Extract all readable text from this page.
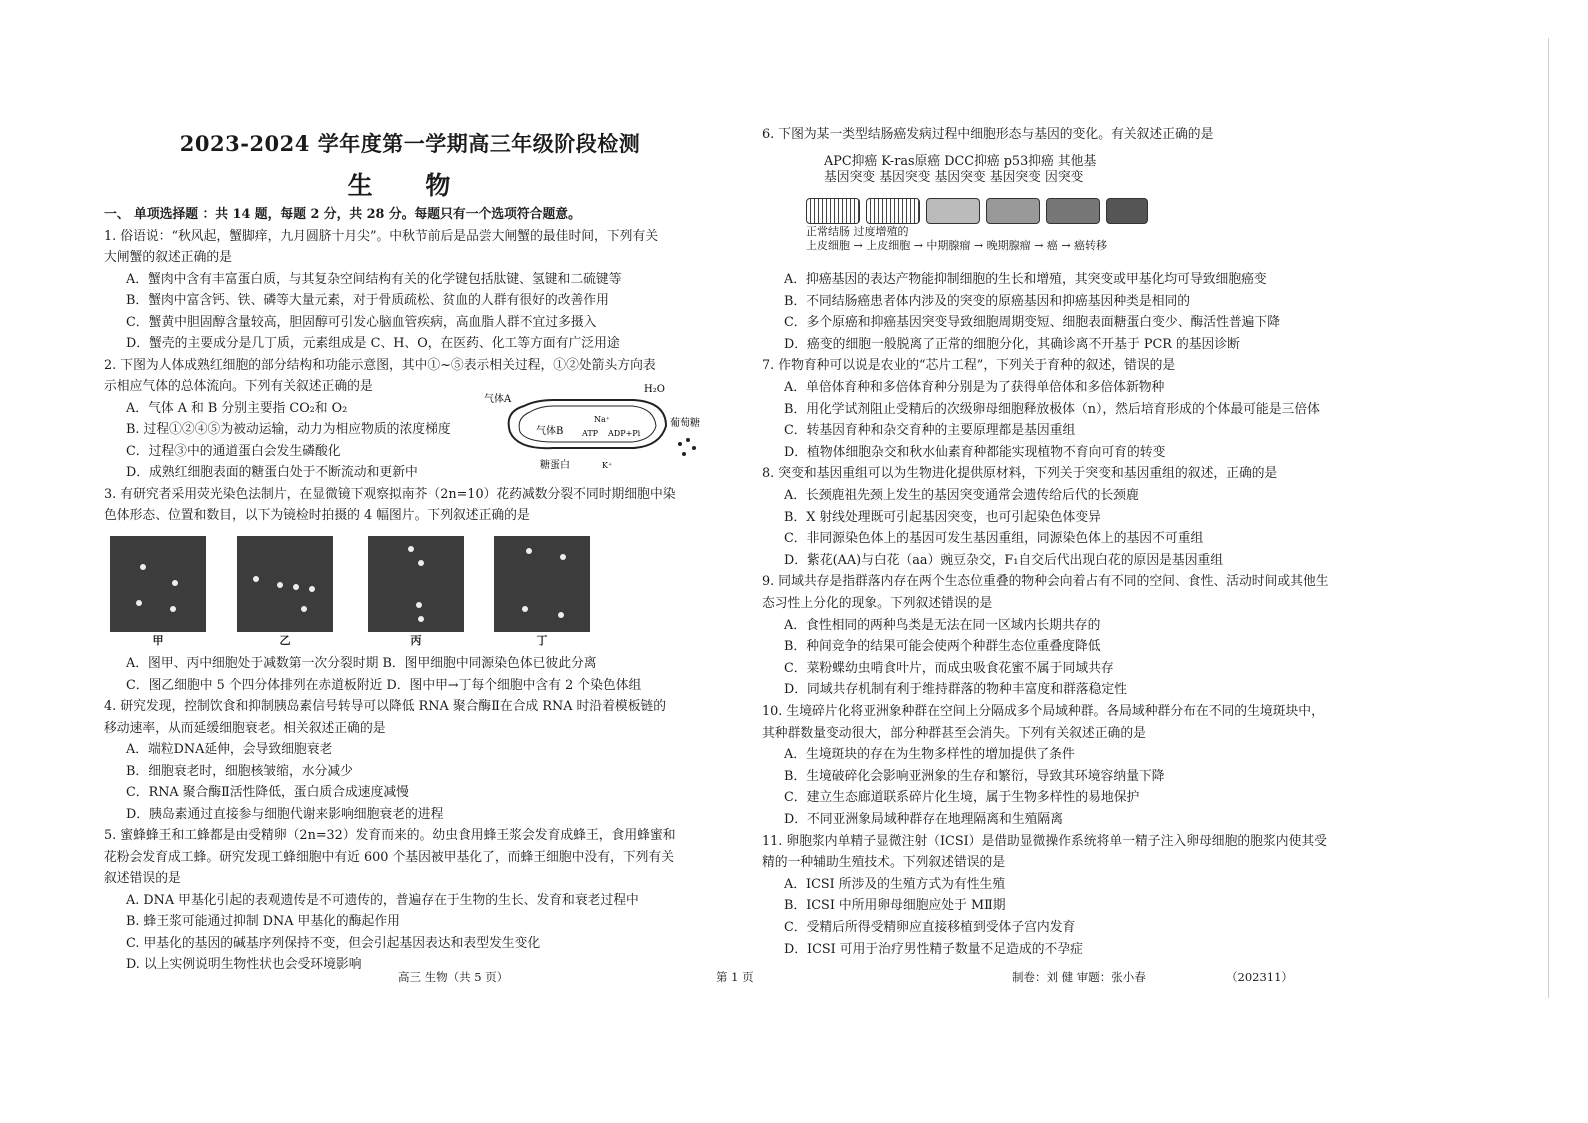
2023-2024 学年度第一学期高三年级阶段检测
生 物
一、 单项选择题 ：共 14 题，每题 2 分，共 28 分。每题只有一个选项符合题意。
1. 俗语说：“秋风起，蟹脚痒，九月圆脐十月尖”。中秋节前后是品尝大闸蟹的最佳时间，下列有关
大闸蟹的叙述正确的是
A．蟹肉中含有丰富蛋白质，与其复杂空间结构有关的化学键包括肽键、氢键和二硫键等
B．蟹肉中富含钙、铁、磷等大量元素，对于骨质疏松、贫血的人群有很好的改善作用
C．蟹黄中胆固醇含量较高，胆固醇可引发心脑血管疾病，高血脂人群不宜过多摄入
D．蟹壳的主要成分是几丁质，元素组成是 C、H、O，在医药、化工等方面有广泛用途
2. 下图为人体成熟红细胞的部分结构和功能示意图，其中①~⑤表示相关过程，①②处箭头方向表
示相应气体的总体流向。下列有关叙述正确的是
A．气体 A 和 B 分别主要指 CO₂和 O₂
B. 过程①②④⑤为被动运输，动力为相应物质的浓度梯度
C．过程③中的通道蛋白会发生磷酸化
D．成熟红细胞表面的糖蛋白处于不断流动和更新中
3. 有研究者采用荧光染色法制片，在显微镜下观察拟南芥（2n=10）花药减数分裂不同时期细胞中染
色体形态、位置和数目，以下为镜检时拍摄的 4 幅图片。下列叙述正确的是
A．图甲、丙中细胞处于减数第一次分裂时期 B．图甲细胞中同源染色体已彼此分离
C．图乙细胞中 5 个四分体排列在赤道板附近 D．图中甲→丁每个细胞中含有 2 个染色体组
4. 研究发现，控制饮食和抑制胰岛素信号转导可以降低 RNA 聚合酶Ⅱ在合成 RNA 时沿着模板链的
移动速率，从而延缓细胞衰老。相关叙述正确的是
A．端粒DNA延伸，会导致细胞衰老
B．细胞衰老时，细胞核皱缩，水分减少
C．RNA 聚合酶Ⅱ活性降低，蛋白质合成速度减慢
D．胰岛素通过直接参与细胞代谢来影响细胞衰老的进程
5. 蜜蜂蜂王和工蜂都是由受精卵（2n=32）发育而来的。幼虫食用蜂王浆会发育成蜂王，食用蜂蜜和
花粉会发育成工蜂。研究发现工蜂细胞中有近 600 个基因被甲基化了，而蜂王细胞中没有，下列有关
叙述错误的是
A. DNA 甲基化引起的表观遗传是不可遗传的，普遍存在于生物的生长、发育和衰老过程中
B. 蜂王浆可能通过抑制 DNA 甲基化的酶起作用
C. 甲基化的基因的碱基序列保持不变，但会引起基因表达和表型发生变化
D. 以上实例说明生物性状也会受环境影响
6. 下图为某一类型结肠癌发病过程中细胞形态与基因的变化。有关叙述正确的是
A．抑癌基因的表达产物能抑制细胞的生长和增殖，其突变或甲基化均可导致细胞癌变
B．不同结肠癌患者体内涉及的突变的原癌基因和抑癌基因种类是相同的
C．多个原癌和抑癌基因突变导致细胞周期变短、细胞表面糖蛋白变少、酶活性普遍下降
D．癌变的细胞一般脱离了正常的细胞分化，其确诊离不开基于 PCR 的基因诊断
7. 作物育种可以说是农业的“芯片工程”，下列关于育种的叙述，错误的是
A．单倍体育种和多倍体育种分别是为了获得单倍体和多倍体新物种
B．用化学试剂阻止受精后的次级卵母细胞释放极体（n），然后培育形成的个体最可能是三倍体
C．转基因育种和杂交育种的主要原理都是基因重组
D．植物体细胞杂交和秋水仙素育种都能实现植物不育向可育的转变
8. 突变和基因重组可以为生物进化提供原材料，下列关于突变和基因重组的叙述，正确的是
A．长颈鹿祖先颈上发生的基因突变通常会遗传给后代的长颈鹿
B．X 射线处理既可引起基因突变，也可引起染色体变异
C．非同源染色体上的基因可发生基因重组，同源染色体上的基因不可重组
D．紫花(AA)与白花（aa）豌豆杂交，F₁自交后代出现白花的原因是基因重组
9. 同域共存是指群落内存在两个生态位重叠的物种会向着占有不同的空间、食性、活动时间或其他生
态习性上分化的现象。下列叙述错误的是
A．食性相同的两种鸟类是无法在同一区域内长期共存的
B．种间竞争的结果可能会使两个种群生态位重叠度降低
C．菜粉蝶幼虫啃食叶片，而成虫吸食花蜜不属于同域共存
D．同域共存机制有利于维持群落的物种丰富度和群落稳定性
10. 生境碎片化将亚洲象种群在空间上分隔成多个局域种群。各局域种群分布在不同的生境斑块中，
其种群数量变动很大，部分种群甚至会消失。下列有关叙述正确的是
A．生境斑块的存在为生物多样性的增加提供了条件
B．生境破碎化会影响亚洲象的生存和繁衍，导致其环境容纳量下降
C．建立生态廊道联系碎片化生境，属于生物多样性的易地保护
D．不同亚洲象局域种群存在地理隔离和生殖隔离
11. 卵胞浆内单精子显微注射（ICSI）是借助显微操作系统将单一精子注入卵母细胞的胞浆内使其受
精的一种辅助生殖技术。下列叙述错误的是
A．ICSI 所涉及的生殖方式为有性生殖
B．ICSI 中所用卵母细胞应处于 MⅡ期
C．受精后所得受精卵应直接移植到受体子宫内发育
D．ICSI 可用于治疗男性精子数量不足造成的不孕症
气体A
气体B
H₂O
葡萄糖
Na⁺
ATP ADP+Pi
K⁺
糖蛋白
甲	乙	丙	丁
APC抑癌 K-ras原癌 DCC抑癌 p53抑癌 其他基
基因突变 基因突变 基因突变 基因突变 因突变
正常结肠 过度增殖的
上皮细胞 → 上皮细胞 → 中期腺瘤 → 晚期腺瘤 → 癌 → 癌转移
高三 生物（共 5 页）	第 1 页	制卷：刘 健 审题：张小春	（202311）
